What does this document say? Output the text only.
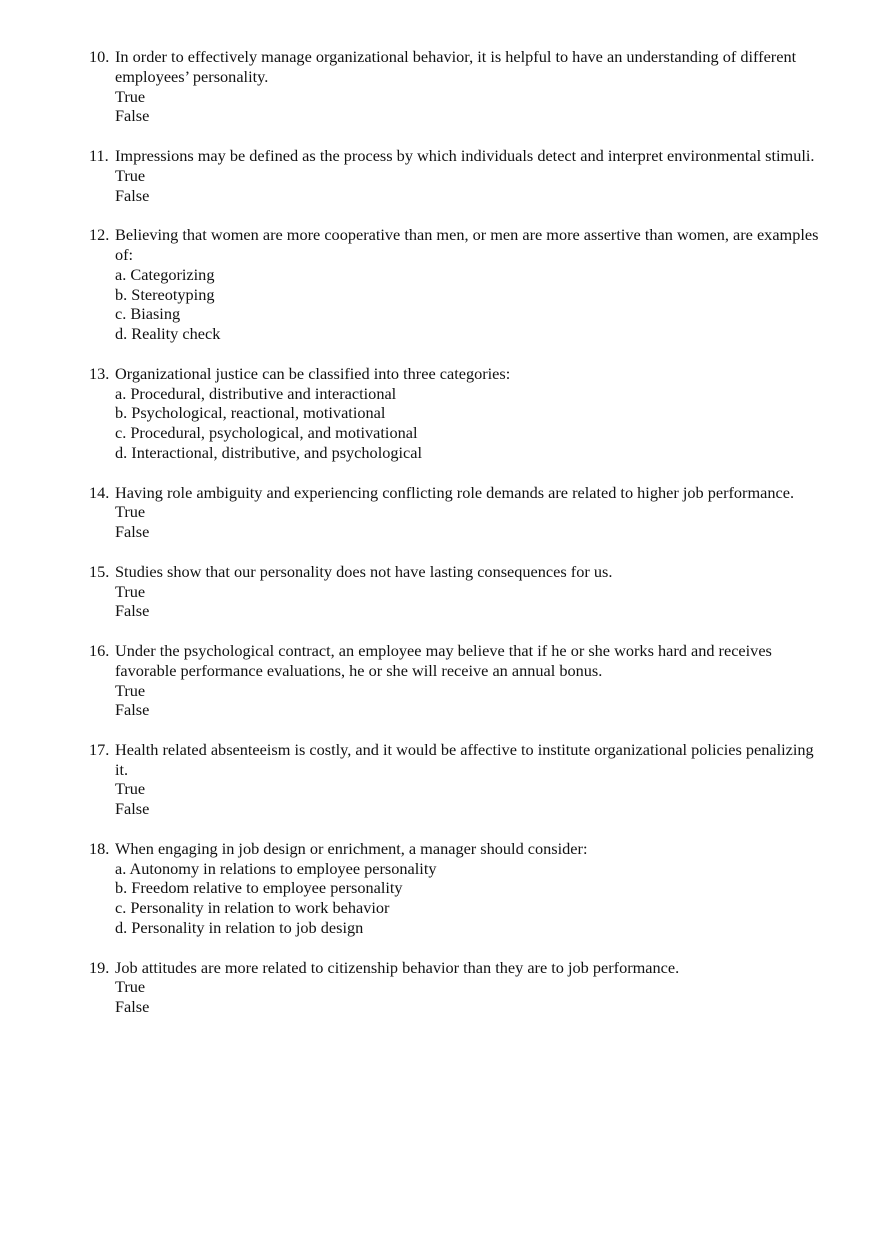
10. In order to effectively manage organizational behavior, it is helpful to have an understanding of different employees’ personality.
True
False
11. Impressions may be defined as the process by which individuals detect and interpret environmental stimuli.
True
False
12. Believing that women are more cooperative than men, or men are more assertive than women, are examples of:
a. Categorizing
b. Stereotyping
c. Biasing
d. Reality check
13. Organizational justice can be classified into three categories:
a. Procedural, distributive and interactional
b. Psychological, reactional, motivational
c. Procedural, psychological, and motivational
d. Interactional, distributive, and psychological
14. Having role ambiguity and experiencing conflicting role demands are related to higher job performance.
True
False
15. Studies show that our personality does not have lasting consequences for us.
True
False
16. Under the psychological contract, an employee may believe that if he or she works hard and receives favorable performance evaluations, he or she will receive an annual bonus.
True
False
17. Health related absenteeism is costly, and it would be affective to institute organizational policies penalizing it.
True
False
18. When engaging in job design or enrichment, a manager should consider:
a. Autonomy in relations to employee personality
b. Freedom relative to employee personality
c. Personality in relation to work behavior
d. Personality in relation to job design
19. Job attitudes are more related to citizenship behavior than they are to job performance.
True
False
